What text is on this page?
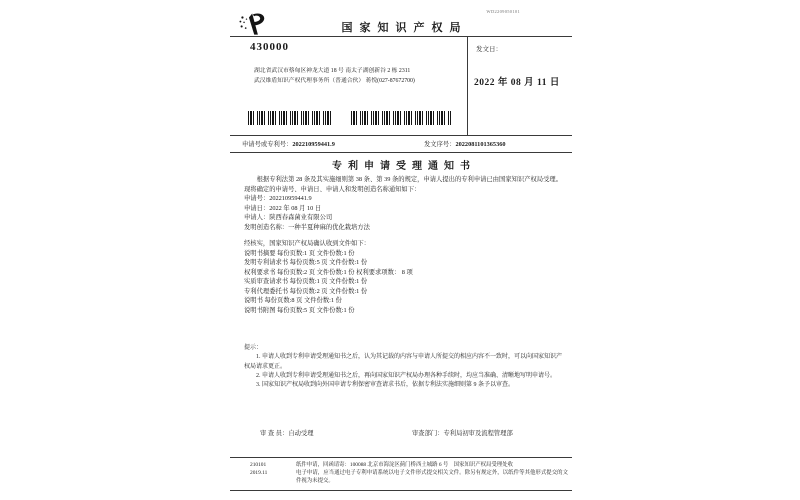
国家知识产权局
WD2209050101
430000
湖北省武汉市蔡甸区神龙大道 18 号 南太子湖创新谷 2 栋 2311
武汉维盾知识产权代理事务所（普通合伙） 蒋悦(027-87672700)
发文日：
2022 年 08 月 11 日
申请号或专利号：202210959441.9	发文序号：2022081101365360
专利申请受理通知书
根据专利法第 28 条及其实施细则第 38 条、第 39 条的规定，申请人提出的专利申请已由国家知识产权局受理。现将确定的申请号、申请日、申请人和发明创造名称通知如下：
申请号：202210959441.9
申请日：2022 年 08 月 10 日
申请人：陕西春森菌业有限公司
发明创造名称：一种半夏种麻的优化栽培方法
经核实，国家知识产权局确认收到文件如下：
说明书摘要 每份页数:1 页 文件份数:1 份
发明专利请求书 每份页数:5 页 文件份数:1 份
权利要求书 每份页数:2 页 文件份数:1 份 权利要求项数： 8 项
实质审查请求书 每份页数:1 页 文件份数:1 份
专利代理委托书 每份页数:2 页 文件份数:1 份
说明书 每份页数:8 页 文件份数:1 份
说明书附图 每份页数:5 页 文件份数:1 份
提示：
1. 申请人收到专利申请受理通知书之后，认为其记载的内容与申请人所提交的相应内容不一致时，可以向国家知识产权局请求更正。
2. 申请人收到专利申请受理通知书之后，再向国家知识产权局办理各种手续时，均应当准确、清晰地写明申请号。
3. 国家知识产权局收到向外国申请专利保密审查请求书后，依据专利法实施细则第 9 条予以审查。
审 查 员：自动受理	审查部门：专利局初审及流程管理部
210101
2019.11
纸件申请，回函请寄：100088 北京市海淀区蓟门桥西土城路 6 号　国家知识产权局受理处收
电子申请，应当通过电子专利申请系统以电子文件形式提交相关文件。除另有规定外，以纸件等其他形式提交的文件视为未提交。
